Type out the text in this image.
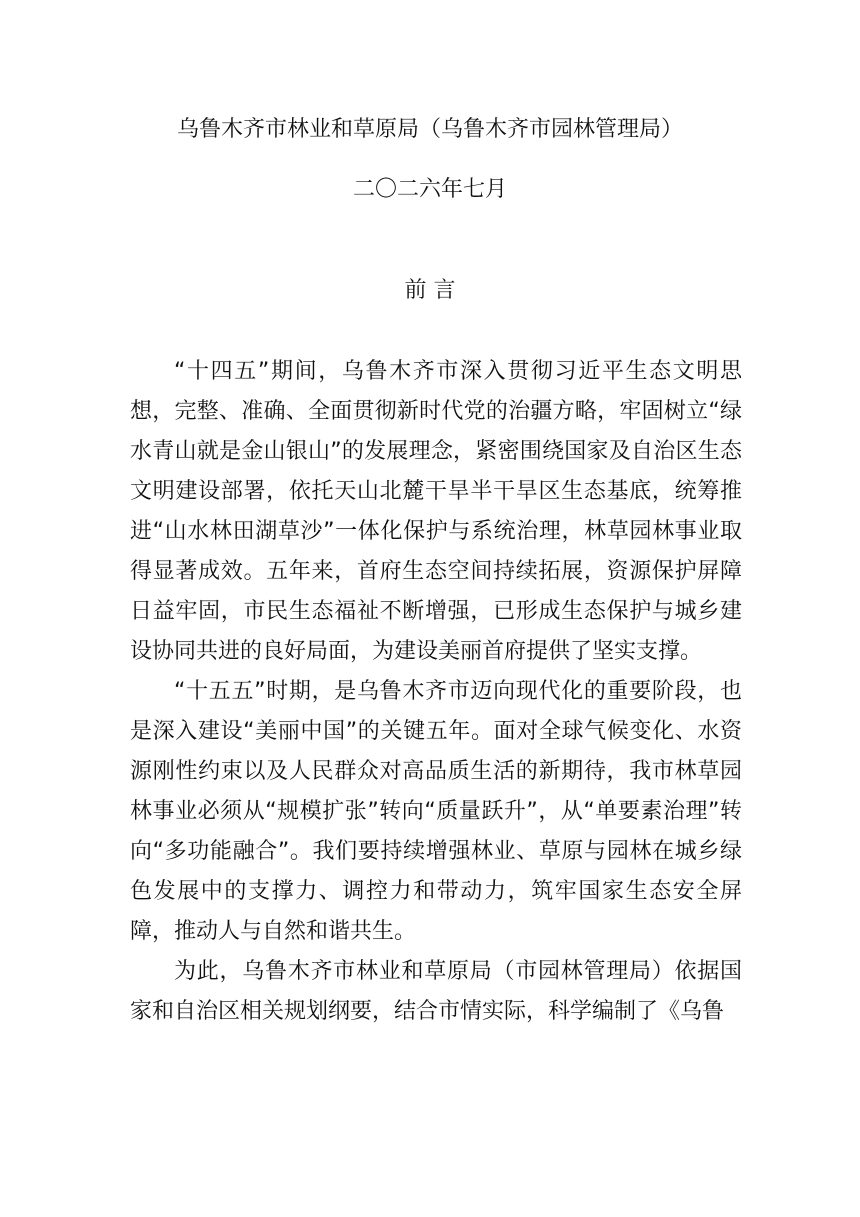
乌鲁木齐市林业和草原局（乌鲁木齐市园林管理局）
二〇二六年七月
前 言

“十四五”期间，乌鲁木齐市深入贯彻习近平生态文明思想，完整、准确、全面贯彻新时代党的治疆方略，牢固树立“绿水青山就是金山银山”的发展理念，紧密围绕国家及自治区生态文明建设部署，依托天山北麓干旱半干旱区生态基底，统筹推进“山水林田湖草沙”一体化保护与系统治理，林草园林事业取得显著成效。五年来，首府生态空间持续拓展，资源保护屏障日益牢固，市民生态福祉不断增强，已形成生态保护与城乡建设协同共进的良好局面，为建设美丽首府提供了坚实支撑。

“十五五”时期，是乌鲁木齐市迈向现代化的重要阶段，也是深入建设“美丽中国”的关键五年。面对全球气候变化、水资源刚性约束以及人民群众对高品质生活的新期待，我市林草园林事业必须从“规模扩张”转向“质量跃升”，从“单要素治理”转向“多功能融合”。我们要持续增强林业、草原与园林在城乡绿色发展中的支撑力、调控力和带动力，筑牢国家生态安全屏障，推动人与自然和谐共生。

为此，乌鲁木齐市林业和草原局（市园林管理局）依据国家和自治区相关规划纲要，结合市情实际，科学编制了《乌鲁
